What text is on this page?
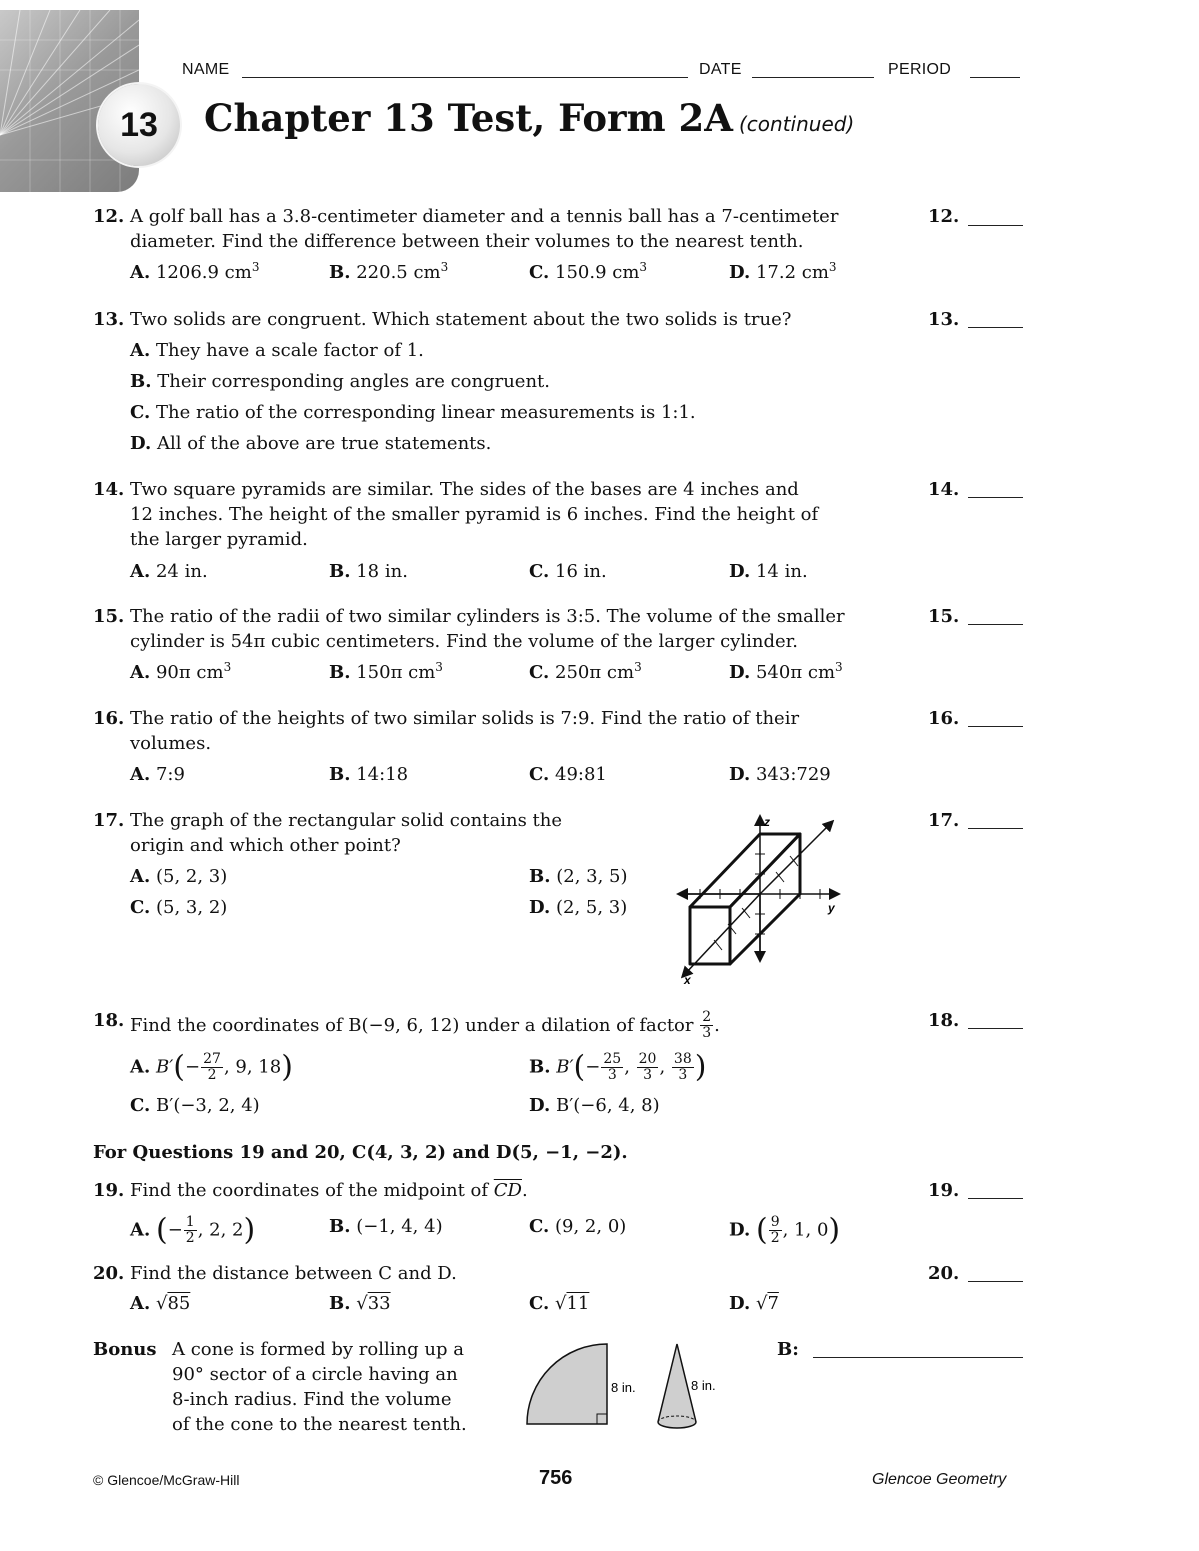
13
NAME	DATE	PERIOD
Chapter 13 Test, Form 2A (continued)
12. A golf ball has a 3.8-centimeter diameter and a tennis ball has a 7-centimeter
diameter. Find the difference between their volumes to the nearest tenth.
A. 1206.9 $cm^3$	B. 220.5 $cm^3$	C. 150.9 $cm^3$	D. 17.2 $cm^3$
12.
13. Two solids are congruent. Which statement about the two solids is true?
A. They have a scale factor of 1.
B. Their corresponding angles are congruent.
C. The ratio of the corresponding linear measurements is 1:1.
D. All of the above are true statements.
13.
14. Two square pyramids are similar. The sides of the bases are 4 inches and
12 inches. The height of the smaller pyramid is 6 inches. Find the height of
the larger pyramid.
A. 24 in.	B. 18 in.	C. 16 in.	D. 14 in.
14.
15. The ratio of the radii of two similar cylinders is 3:5. The volume of the smaller
cylinder is 54π cubic centimeters. Find the volume of the larger cylinder.
A. 90π $cm^3$	B. 150π $cm^3$	C. 250π $cm^3$	D. 540π $cm^3$
15.
16. The ratio of the heights of two similar solids is 7:9. Find the ratio of their
volumes.
A. 7:9	B. 14:18	C. 49:81	D. 343:729
16.
17. The graph of the rectangular solid contains the
origin and which other point?
A. (5, 2, 3)	B. (2, 3, 5)
C. (5, 3, 2)	D. (2, 5, 3)
17.
z
y
x
18. Find the coordinates of B(−9, 6, 12) under a dilation of factor $\frac{2}{3}$ .
A. $B'(- \frac{27}{2}$ , 9, 18)	B. $B'(- \frac{25}{3}$ , $\frac{20}{3}$ , $\frac{38}{3}$ )
C. B′(−3, 2, 4)	D. B′(−6, 4, 8)
18.
For Questions 19 and 20, C(4, 3, 2) and D(5, −1, −2).
19. Find the coordinates of the midpoint of $\overline{CD}$.
A. (− $\frac{1}{2}$ , 2, 2)	B. (−1, 4, 4)	C. (9, 2, 0)	D. ( $\frac{9}{2}$ , 1, 0)
19.
20. Find the distance between C and D.
A. √85	B. √33	C. √11	D. √7
20.
Bonus A cone is formed by rolling up a
90° sector of a circle having an
8-inch radius. Find the volume
of the cone to the nearest tenth.
B:
8 in.	8 in.
© Glencoe/McGraw-Hill	756	Glencoe Geometry
